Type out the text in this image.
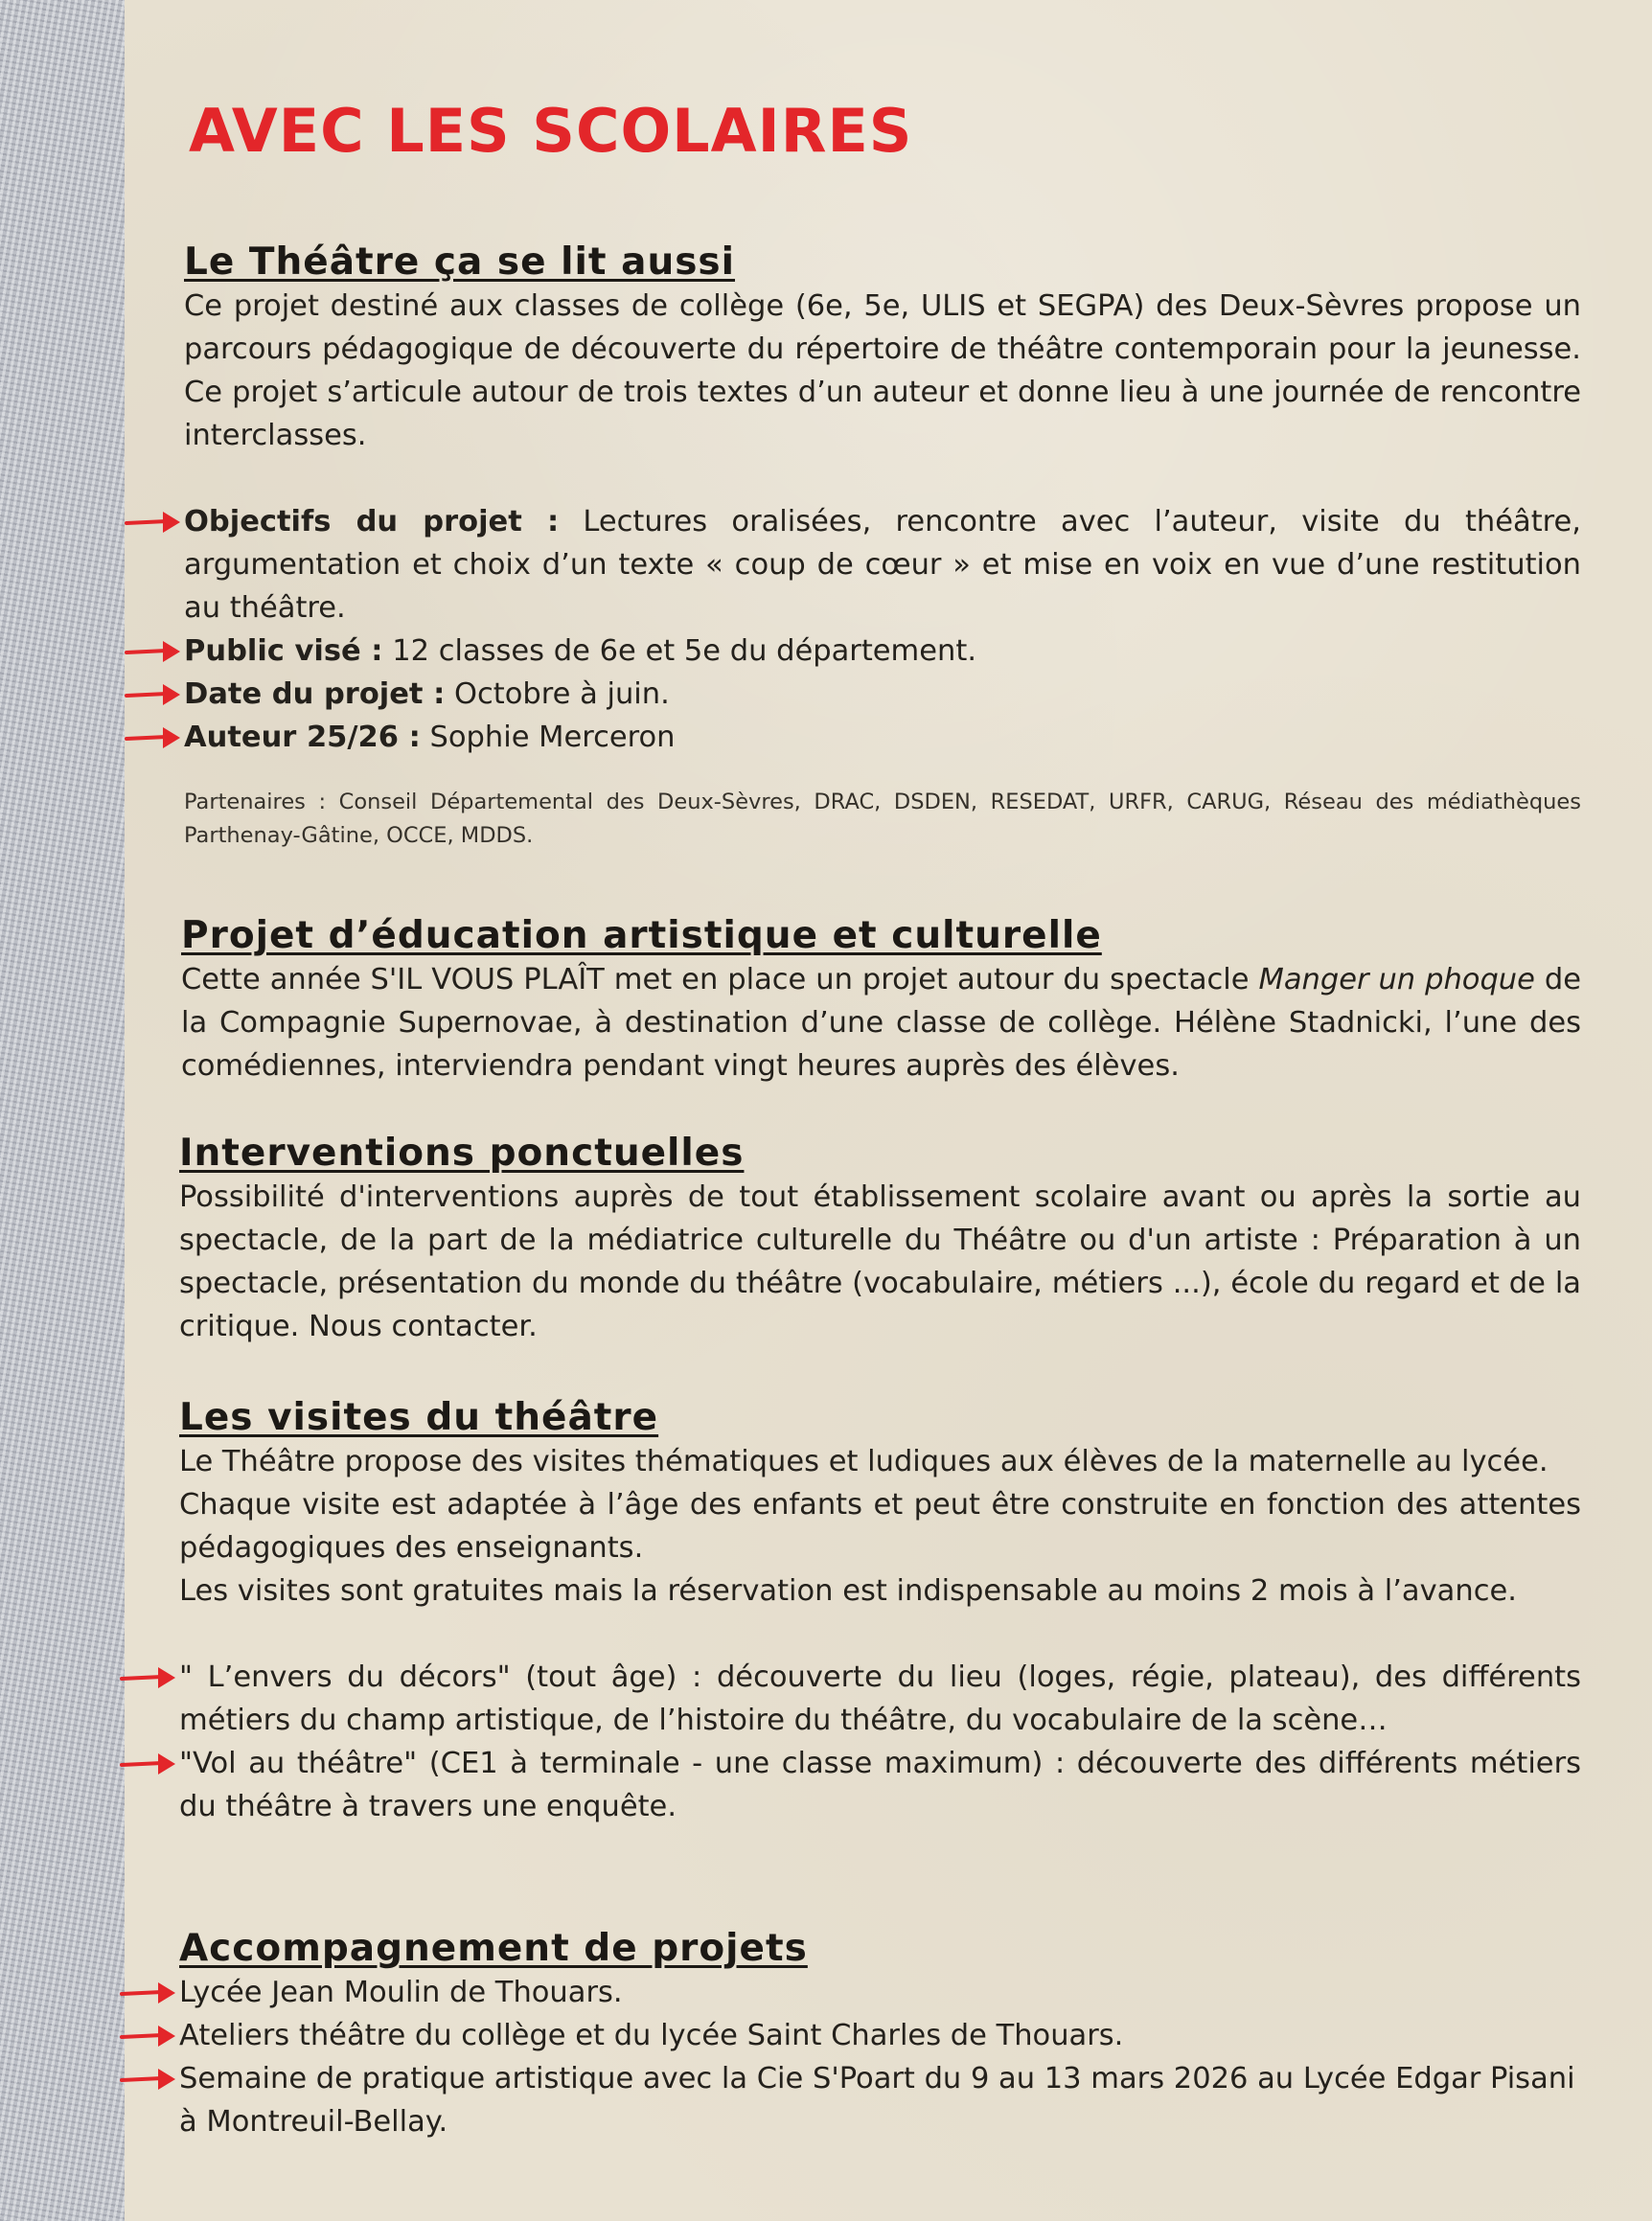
AVEC LES SCOLAIRES
Le Théâtre ça se lit aussi

Ce projet destiné aux classes de collège (6e, 5e, ULIS et SEGPA) des Deux-Sèvres propose un parcours pédagogique de découverte du répertoire de théâtre contemporain pour la jeunesse. Ce projet s’articule autour de trois textes d’un auteur et donne lieu à une journée de rencontre interclasses.

Objectifs du projet : Lectures oralisées, rencontre avec l’auteur, visite du théâtre, argumentation et choix d’un texte « coup de cœur » et mise en voix en vue d’une restitution au théâtre.

Public visé : 12 classes de 6e et 5e du département.

Date du projet : Octobre à juin.

Auteur 25/26 : Sophie Merceron

Partenaires : Conseil Départemental des Deux-Sèvres, DRAC, DSDEN, RESEDAT, URFR, CARUG, Réseau des médiathèques Parthenay-Gâtine, OCCE, MDDS.

Projet d’éducation artistique et culturelle

Cette année S'IL VOUS PLAÎT met en place un projet autour du spectacle Manger un phoque de la Compagnie Supernovae, à destination d’une classe de collège. Hélène Stadnicki, l’une des comédiennes, interviendra pendant vingt heures auprès des élèves.

Interventions ponctuelles

Possibilité d'interventions auprès de tout établissement scolaire avant ou après la sortie au spectacle, de la part de la médiatrice culturelle du Théâtre ou d'un artiste : Préparation à un spectacle, présentation du monde du théâtre (vocabulaire, métiers ...), école du regard et de la critique. Nous contacter.

Les visites du théâtre

Le Théâtre propose des visites thématiques et ludiques aux élèves de la maternelle au lycée.

Chaque visite est adaptée à l’âge des enfants et peut être construite en fonction des attentes pédagogiques des enseignants.

Les visites sont gratuites mais la réservation est indispensable au moins 2 mois à l’avance.

" L’envers du décors" (tout âge) : découverte du lieu (loges, régie, plateau), des différents métiers du champ artistique, de l’histoire du théâtre, du vocabulaire de la scène…

"Vol au théâtre" (CE1 à terminale - une classe maximum) : découverte des différents métiers du théâtre à travers une enquête.

Accompagnement de projets

Lycée Jean Moulin de Thouars.

Ateliers théâtre du collège et du lycée Saint Charles de Thouars.

Semaine de pratique artistique avec la Cie S'Poart du 9 au 13 mars 2026 au Lycée Edgar Pisani à Montreuil-Bellay.
